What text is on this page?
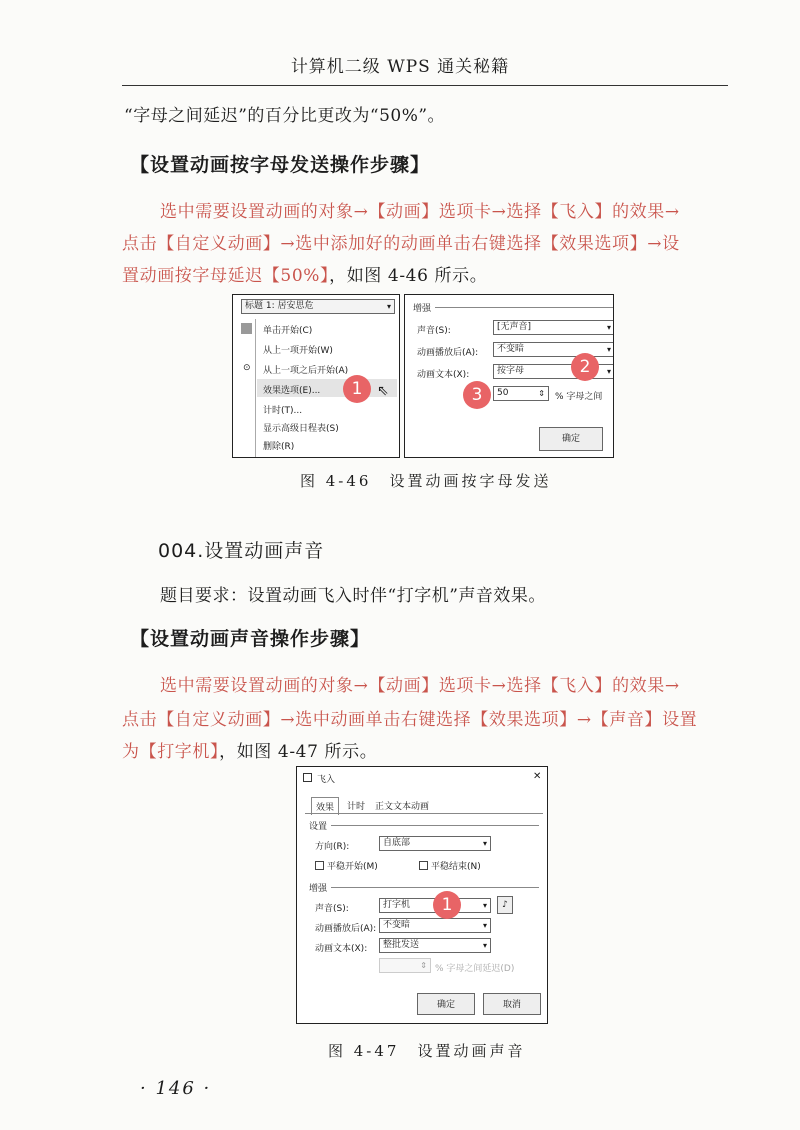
计算机二级 WPS 通关秘籍
“字母之间延迟”的百分比更改为“50%”。
【设置动画按字母发送操作步骤】
选中需要设置动画的对象→【动画】选项卡→选择【飞入】的效果→
点击【自定义动画】→选中添加好的动画单击右键选择【效果选项】→设
置动画按字母延迟【50%】，如图 4-46 所示。
标题 1: 居安思危	▾
单击开始(C)
从上一项开始(W)
⊙ 从上一项之后开始(A)
效果选项(E)...
计时(T)...
显示高级日程表(S)
删除(R)
1	⇖
增强
声音(S):	[无声音]	▾
动画播放后(A):	不变暗	▾
动画文本(X):	按字母	▾
50	⇕ % 字母之间
确定
2
3
图 4-46　设置动画按字母发送
004.设置动画声音
题目要求：设置动画飞入时伴“打字机”声音效果。
【设置动画声音操作步骤】
选中需要设置动画的对象→【动画】选项卡→选择【飞入】的效果→
点击【自定义动画】→选中动画单击右键选择【效果选项】→【声音】设置
为【打字机】，如图 4-47 所示。
飞入	✕
效果	计时 正文文本动画
设置
方向(R):	自底部	▾
平稳开始(M)	平稳结束(N)
增强
声音(S):	打字机	▾	♪
动画播放后(A): 不变暗	▾
动画文本(X):	整批发送	▾
⇕ % 字母之间延迟(D)
确定	取消
1
图 4-47　设置动画声音
· 146 ·
